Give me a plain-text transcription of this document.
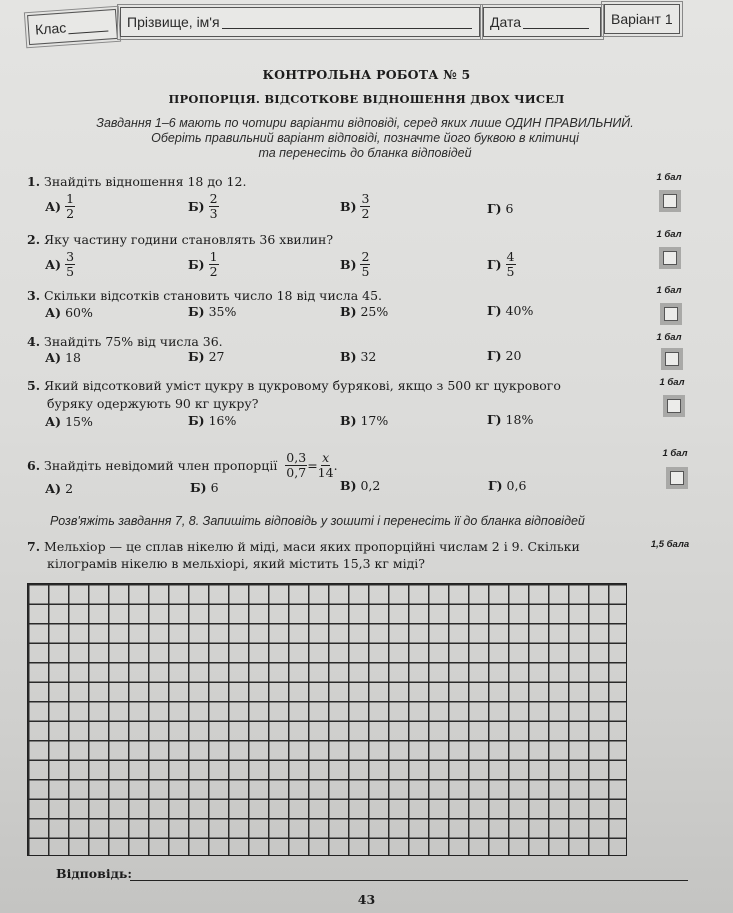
Клас	Прізвище, ім'я	Дата	Варіант 1
КОНТРОЛЬНА РОБОТА № 5
ПРОПОРЦІЯ. ВІДСОТКОВЕ ВІДНОШЕННЯ ДВОХ ЧИСЕЛ
Завдання 1–6 мають по чотири варіанти відповіді, серед яких лише ОДИН ПРАВИЛЬНИЙ.
Оберіть правильний варіант відповіді, позначте його буквою в клітинці
та перенесіть до бланка відповідей
1. Знайдіть відношення 18 до 12.
$А) \frac{1}{2}$	$Б) \frac{2}{3}$	$В) \frac{3}{2}$	Г) 6
1 бал
2. Яку частину години становлять 36 хвилин?
$А) \frac{3}{5}$	$Б) \frac{1}{2}$	$В) \frac{2}{5}$	$Г) \frac{4}{5}$
1 бал
3. Скільки відсотків становить число 18 від числа 45.
А) 60%	Б) 35%	В) 25%	Г) 40%
1 бал
4. Знайдіть 75% від числа 36.
А) 18	Б) 27	В) 32	Г) 20
1 бал
5. Який відсотковий уміст цукру в цукровому бурякові, якщо з 500 кг цукрового
буряку одержують 90 кг цукру?
А) 15%	Б) 16%	В) 17%	Г) 18%
1 бал
6.
Знайдіть невідомий член пропорції
$\frac{0,3}{0,7} = \frac{x}{14}$ .
А) 2	Б) 6	В) 0,2	Г) 0,6
1 бал
Розв'яжіть завдання 7, 8. Запишіть відповідь у зошиті і перенесіть її до бланка відповідей
7. Мельхіор — це сплав нікелю й міді, маси яких пропорційні числам 2 і 9. Скільки
кілограмів нікелю в мельхіорі, який містить 15,3 кг міді?
1,5 бала
Відповідь:
43
